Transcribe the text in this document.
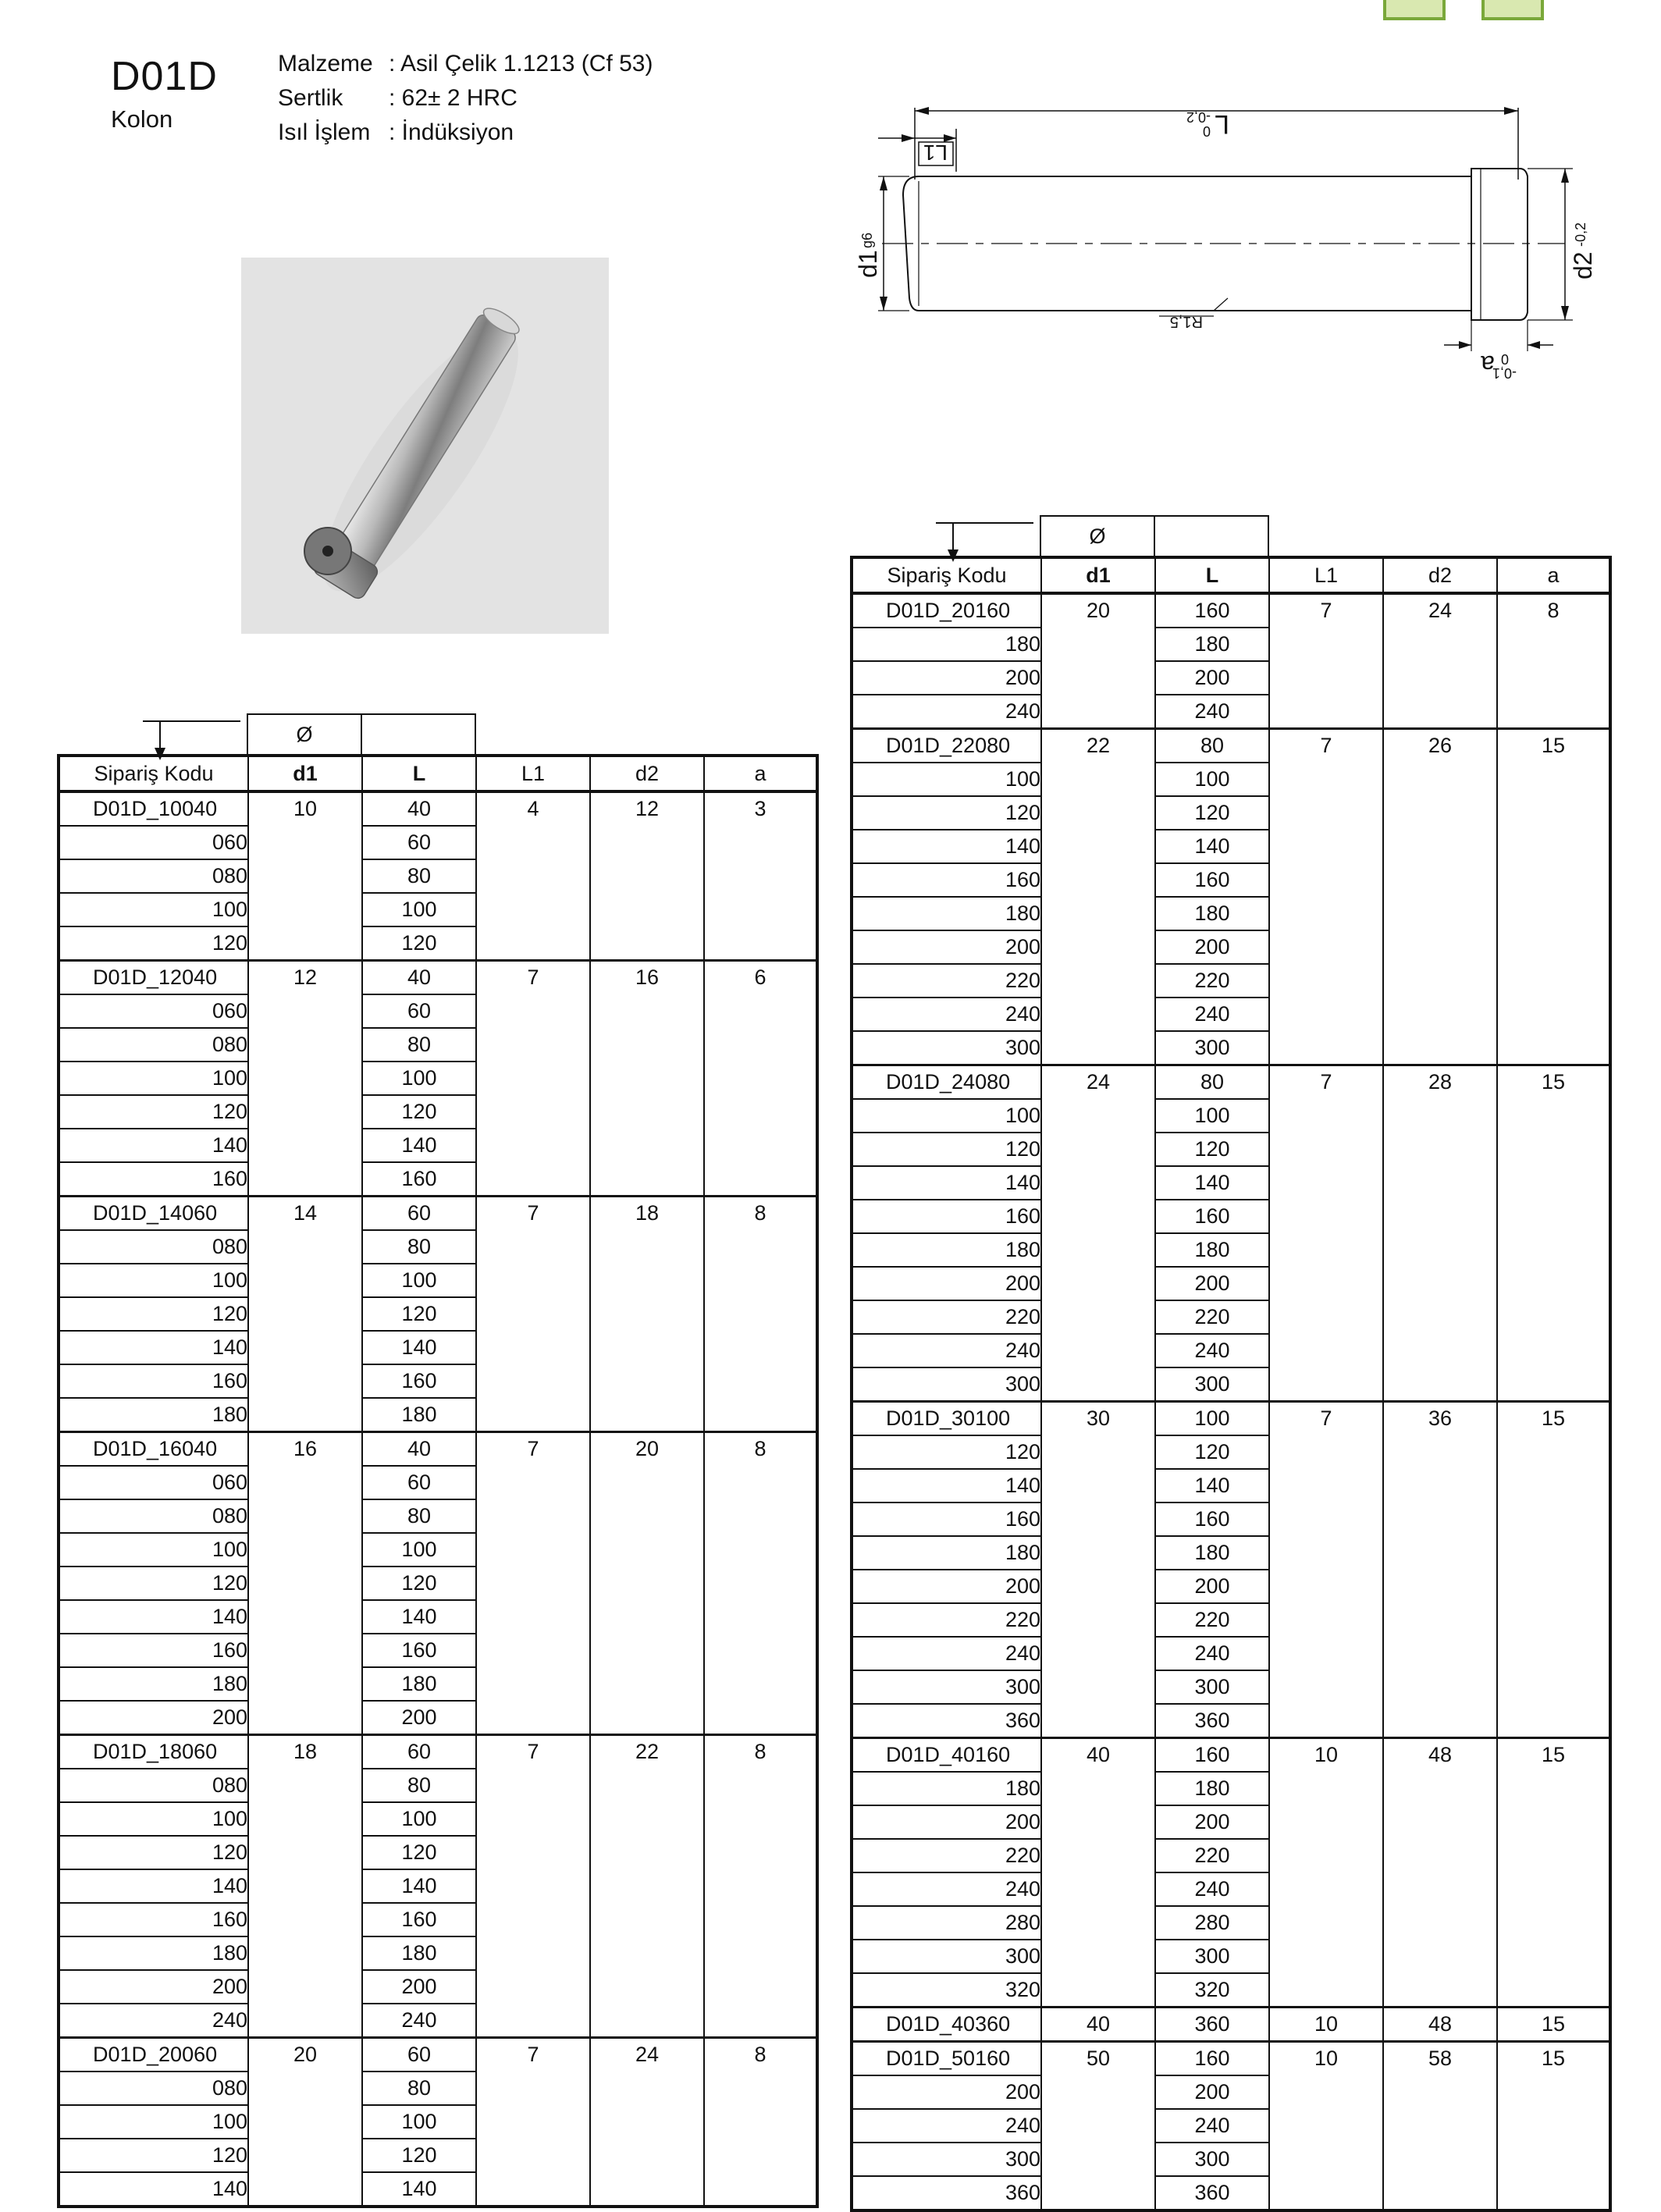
D01D
Kolon
Malzeme : Asil Çelik 1.1213 (Cf 53)
Sertlik : 62± 2 HRC
Isıl İşlem : İndüksiyon	L
0
-0,2
L1
d1
g6
d2
-0,2
R1,5
a
-0,1
0
Ø
Sipariş Kodu	d1	L	L1	d2	a
D01D_10040	10	40	4	12	3
060		60			
080		80			
100		100			
120		120			
D01D_12040	12	40	7	16	6
060		60			
080		80			
100		100			
120		120			
140		140			
160		160			
D01D_14060	14	60	7	18	8
080		80			
100		100			
120		120			
140		140			
160		160			
180		180			
D01D_16040	16	40	7	20	8
060		60			
080		80			
100		100			
120		120			
140		140			
160		160			
180		180			
200		200			
D01D_18060	18	60	7	22	8
080		80			
100		100			
120		120			
140		140			
160		160			
180		180			
200		200			
240		240			
D01D_20060	20	60	7	24	8
080		80			
100		100			
120		120			
140		140			
Ø
Sipariş Kodu	d1	L	L1	d2	a
D01D_20160	20	160	7	24	8
180		180			
200		200			
240		240			
D01D_22080	22	80	7	26	15
100		100			
120		120			
140		140			
160		160			
180		180			
200		200			
220		220			
240		240			
300		300			
D01D_24080	24	80	7	28	15
100		100			
120		120			
140		140			
160		160			
180		180			
200		200			
220		220			
240		240			
300		300			
D01D_30100	30	100	7	36	15
120		120			
140		140			
160		160			
180		180			
200		200			
220		220			
240		240			
300		300			
360		360			
D01D_40160	40	160	10	48	15
180		180			
200		200			
220		220			
240		240			
280		280			
300		300			
320		320			
D01D_40360	40	360	10	48	15
D01D_50160	50	160	10	58	15
200		200			
240		240			
300		300			
360		360			
